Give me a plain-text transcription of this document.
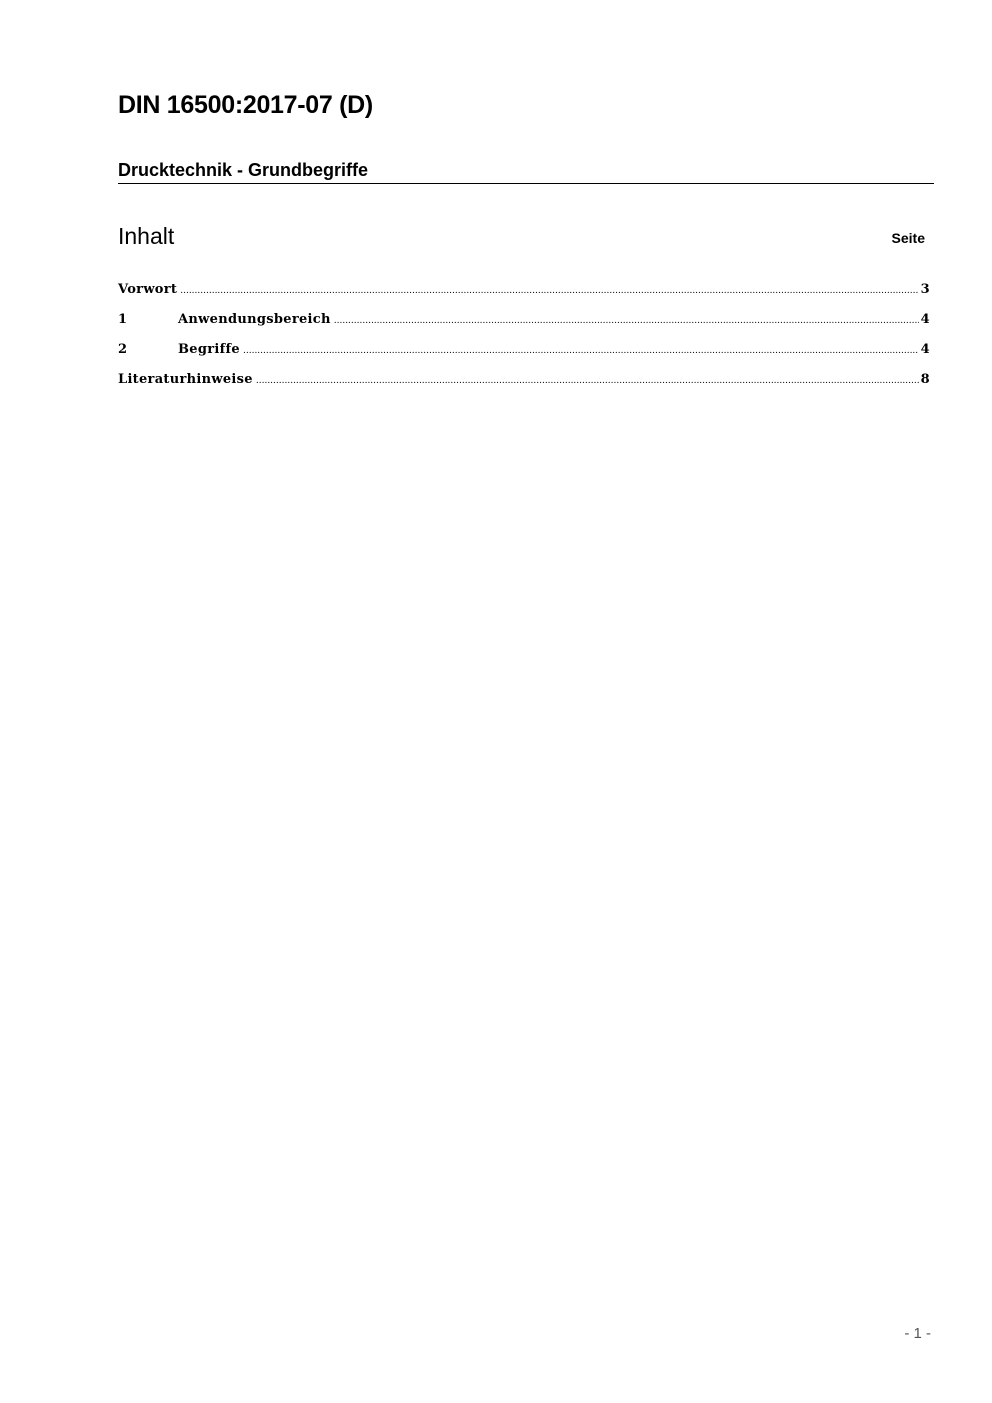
DIN 16500:2017-07 (D)
Drucktechnik - Grundbegriffe
Inhalt	Seite
Vorwort .....	3
1	Anwendungsbereich .....	4
2	Begriffe .....	4
Literaturhinweise .....	8
- 1 -
